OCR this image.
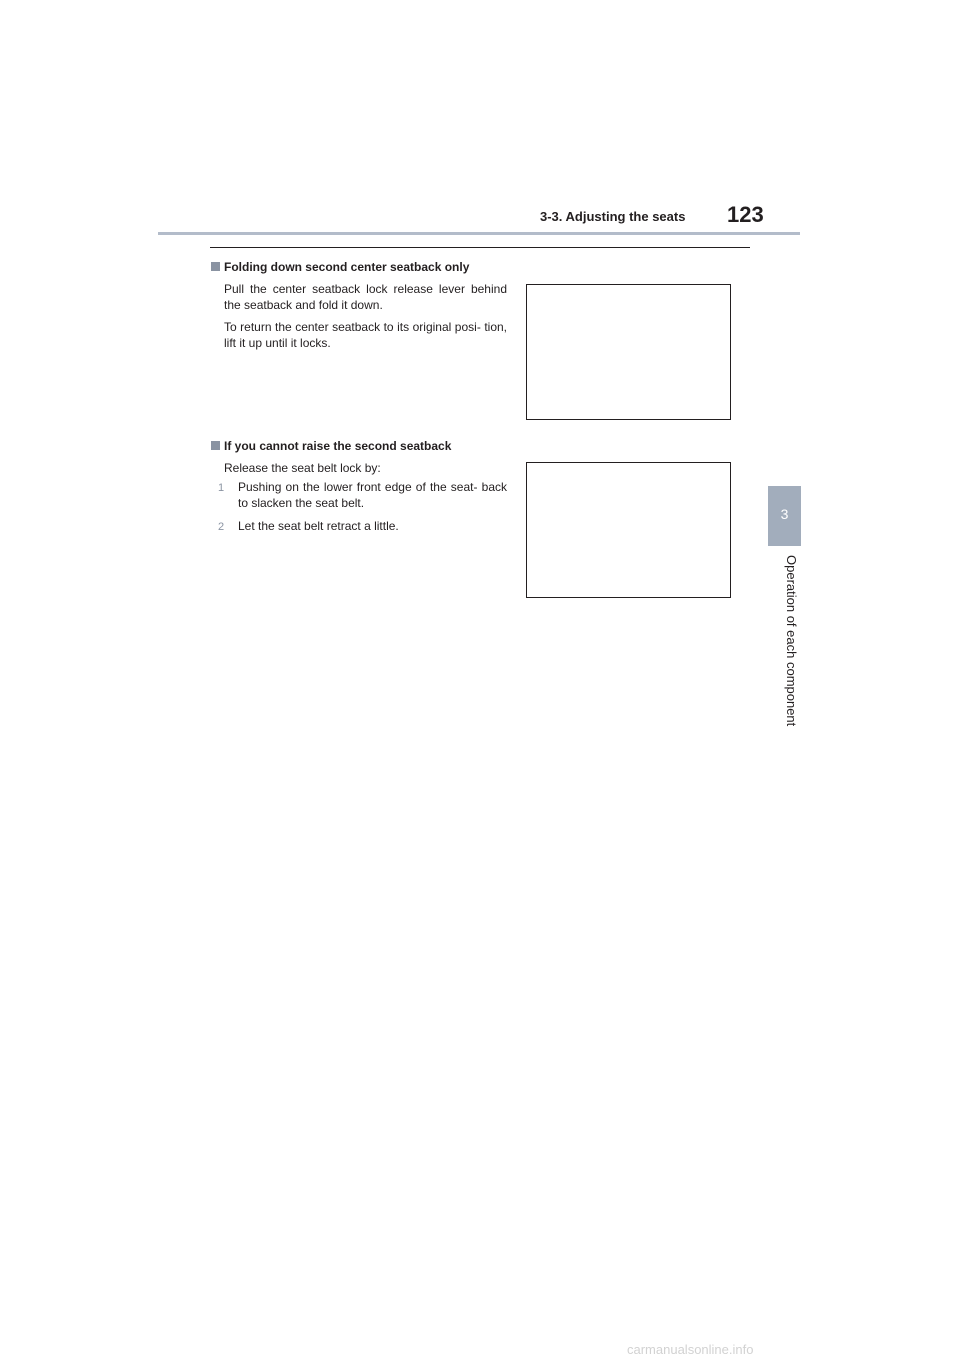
3-3. Adjusting the seats 123
3
Operation of each component
Folding down second center seatback only

Pull the center seatback lock release lever behind the seatback and fold it down.

To return the center seatback to its original posi- tion, lift it up until it locks.

If you cannot raise the second seatback

Release the seat belt lock by:

1	Pushing on the lower front edge of the seat- back to slacken the seat belt.

2	Let the seat belt retract a little.

carmanualsonline.info
